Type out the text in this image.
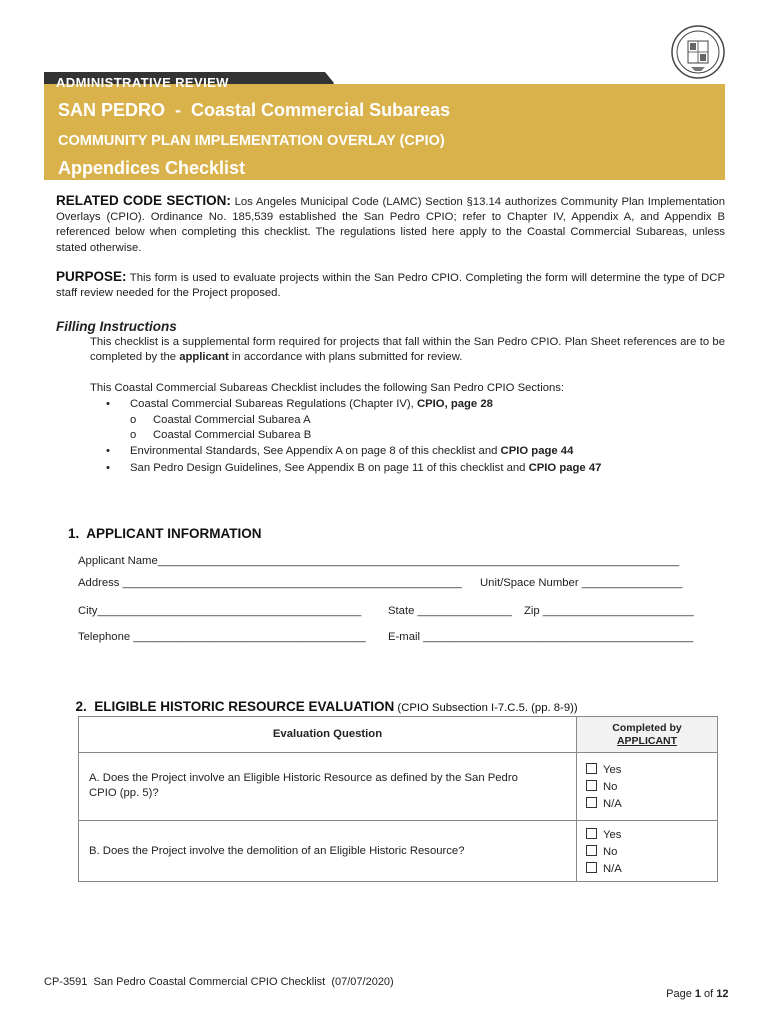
ADMINISTRATIVE REVIEW
SAN PEDRO  -  Coastal Commercial Subareas
COMMUNITY PLAN IMPLEMENTATION OVERLAY (CPIO)
Appendices Checklist
RELATED CODE SECTION: Los Angeles Municipal Code (LAMC) Section §13.14 authorizes Community Plan Implementation Overlays (CPIO). Ordinance No. 185,539 established the San Pedro CPIO; refer to Chapter IV, Appendix A, and Appendix B referenced below when completing this checklist. The regulations listed here apply to the Coastal Commercial Subareas, unless stated otherwise.
PURPOSE: This form is used to evaluate projects within the San Pedro CPIO. Completing the form will determine the type of DCP staff review needed for the Project proposed.
Filling Instructions
This checklist is a supplemental form required for projects that fall within the San Pedro CPIO. Plan Sheet references are to be completed by the applicant in accordance with plans submitted for review.
This Coastal Commercial Subareas Checklist includes the following San Pedro CPIO Sections:
• Coastal Commercial Subareas Regulations (Chapter IV), CPIO, page 28
o Coastal Commercial Subarea A
o Coastal Commercial Subarea B
• Environmental Standards, See Appendix A on page 8 of this checklist and CPIO page 44
• San Pedro Design Guidelines, See Appendix B on page 11 of this checklist and CPIO page 47
1.  APPLICANT INFORMATION
Applicant Name___________________________________________________________________________________
Address ______________________________________________________ Unit/Space Number ________________
City__________________________________________ State _______________ Zip ________________________
Telephone _____________________________________ E-mail ___________________________________________

2.  ELIGIBLE HISTORIC RESOURCE EVALUATION (CPIO Subsection I-7.C.5. (pp. 8-9))

Evaluation Question	Completed by
APPLICANT
A. Does the Project involve an Eligible Historic Resource as defined by the San Pedro CPIO (pp. 5)?
Yes
No
N/A
B. Does the Project involve the demolition of an Eligible Historic Resource?
Yes
No
N/A
CP-3591  San Pedro Coastal Commercial CPIO Checklist  (07/07/2020)

Page 1 of 12
